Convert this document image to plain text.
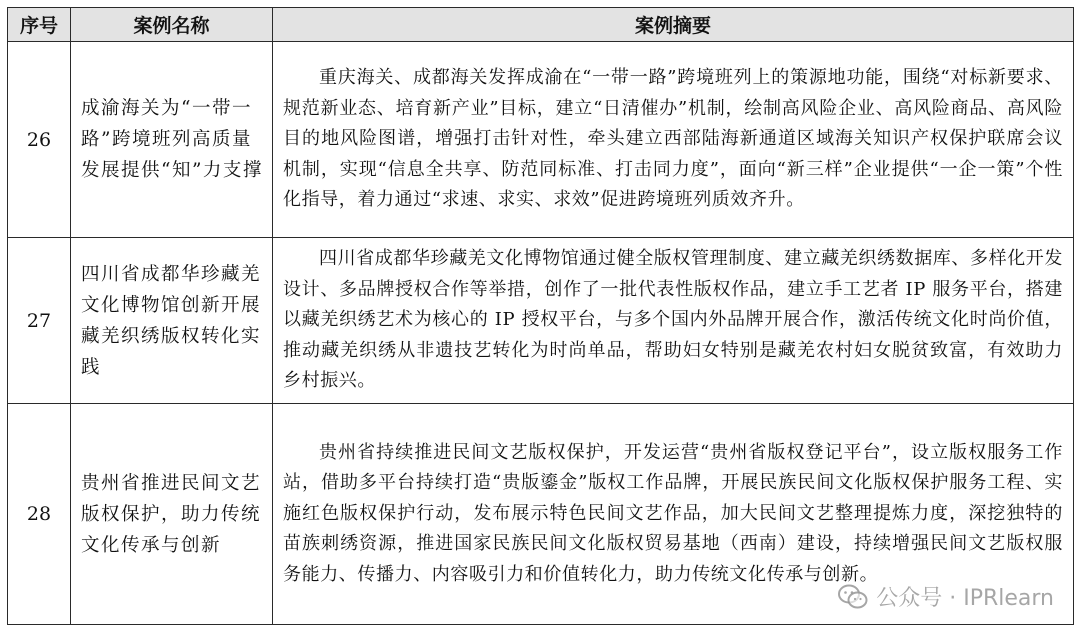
序号	案例名称	案例摘要
26	成渝海关为“一带一路”跨境班列高质量发展提供“知”力支撑	重庆海关、成都海关发挥成渝在“一带一路”跨境班列上的策源地功能，围绕“对标新要求、规范新业态、培育新产业”目标，建立“日清催办”机制，绘制高风险企业、高风险商品、高风险目的地风险图谱，增强打击针对性，牵头建立西部陆海新通道区域海关知识产权保护联席会议机制，实现“信息全共享、防范同标准、打击同力度”，面向“新三样”企业提供“一企一策”个性化指导，着力通过“求速、求实、求效”促进跨境班列质效齐升。
27	四川省成都华珍藏羌文化博物馆创新开展藏羌织绣版权转化实践	四川省成都华珍藏羌文化博物馆通过健全版权管理制度、建立藏羌织绣数据库、多样化开发设计、多品牌授权合作等举措，创作了一批代表性版权作品，建立手工艺者 IP 服务平台，搭建以藏羌织绣艺术为核心的 IP 授权平台，与多个国内外品牌开展合作，激活传统文化时尚价值，推动藏羌织绣从非遗技艺转化为时尚单品，帮助妇女特别是藏羌农村妇女脱贫致富，有效助力乡村振兴。
28	贵州省推进民间文艺版权保护，助力传统文化传承与创新	贵州省持续推进民间文艺版权保护，开发运营“贵州省版权登记平台”，设立版权服务工作站，借助多平台持续打造“贵版鎏金”版权工作品牌，开展民族民间文化版权保护服务工程、实施红色版权保护行动，发布展示特色民间文艺作品，加大民间文艺整理提炼力度，深挖独特的苗族刺绣资源，推进国家民族民间文化版权贸易基地（西南）建设，持续增强民间文艺版权服务能力、传播力、内容吸引力和价值转化力，助力传统文化传承与创新。
公众号 · IPRlearn
